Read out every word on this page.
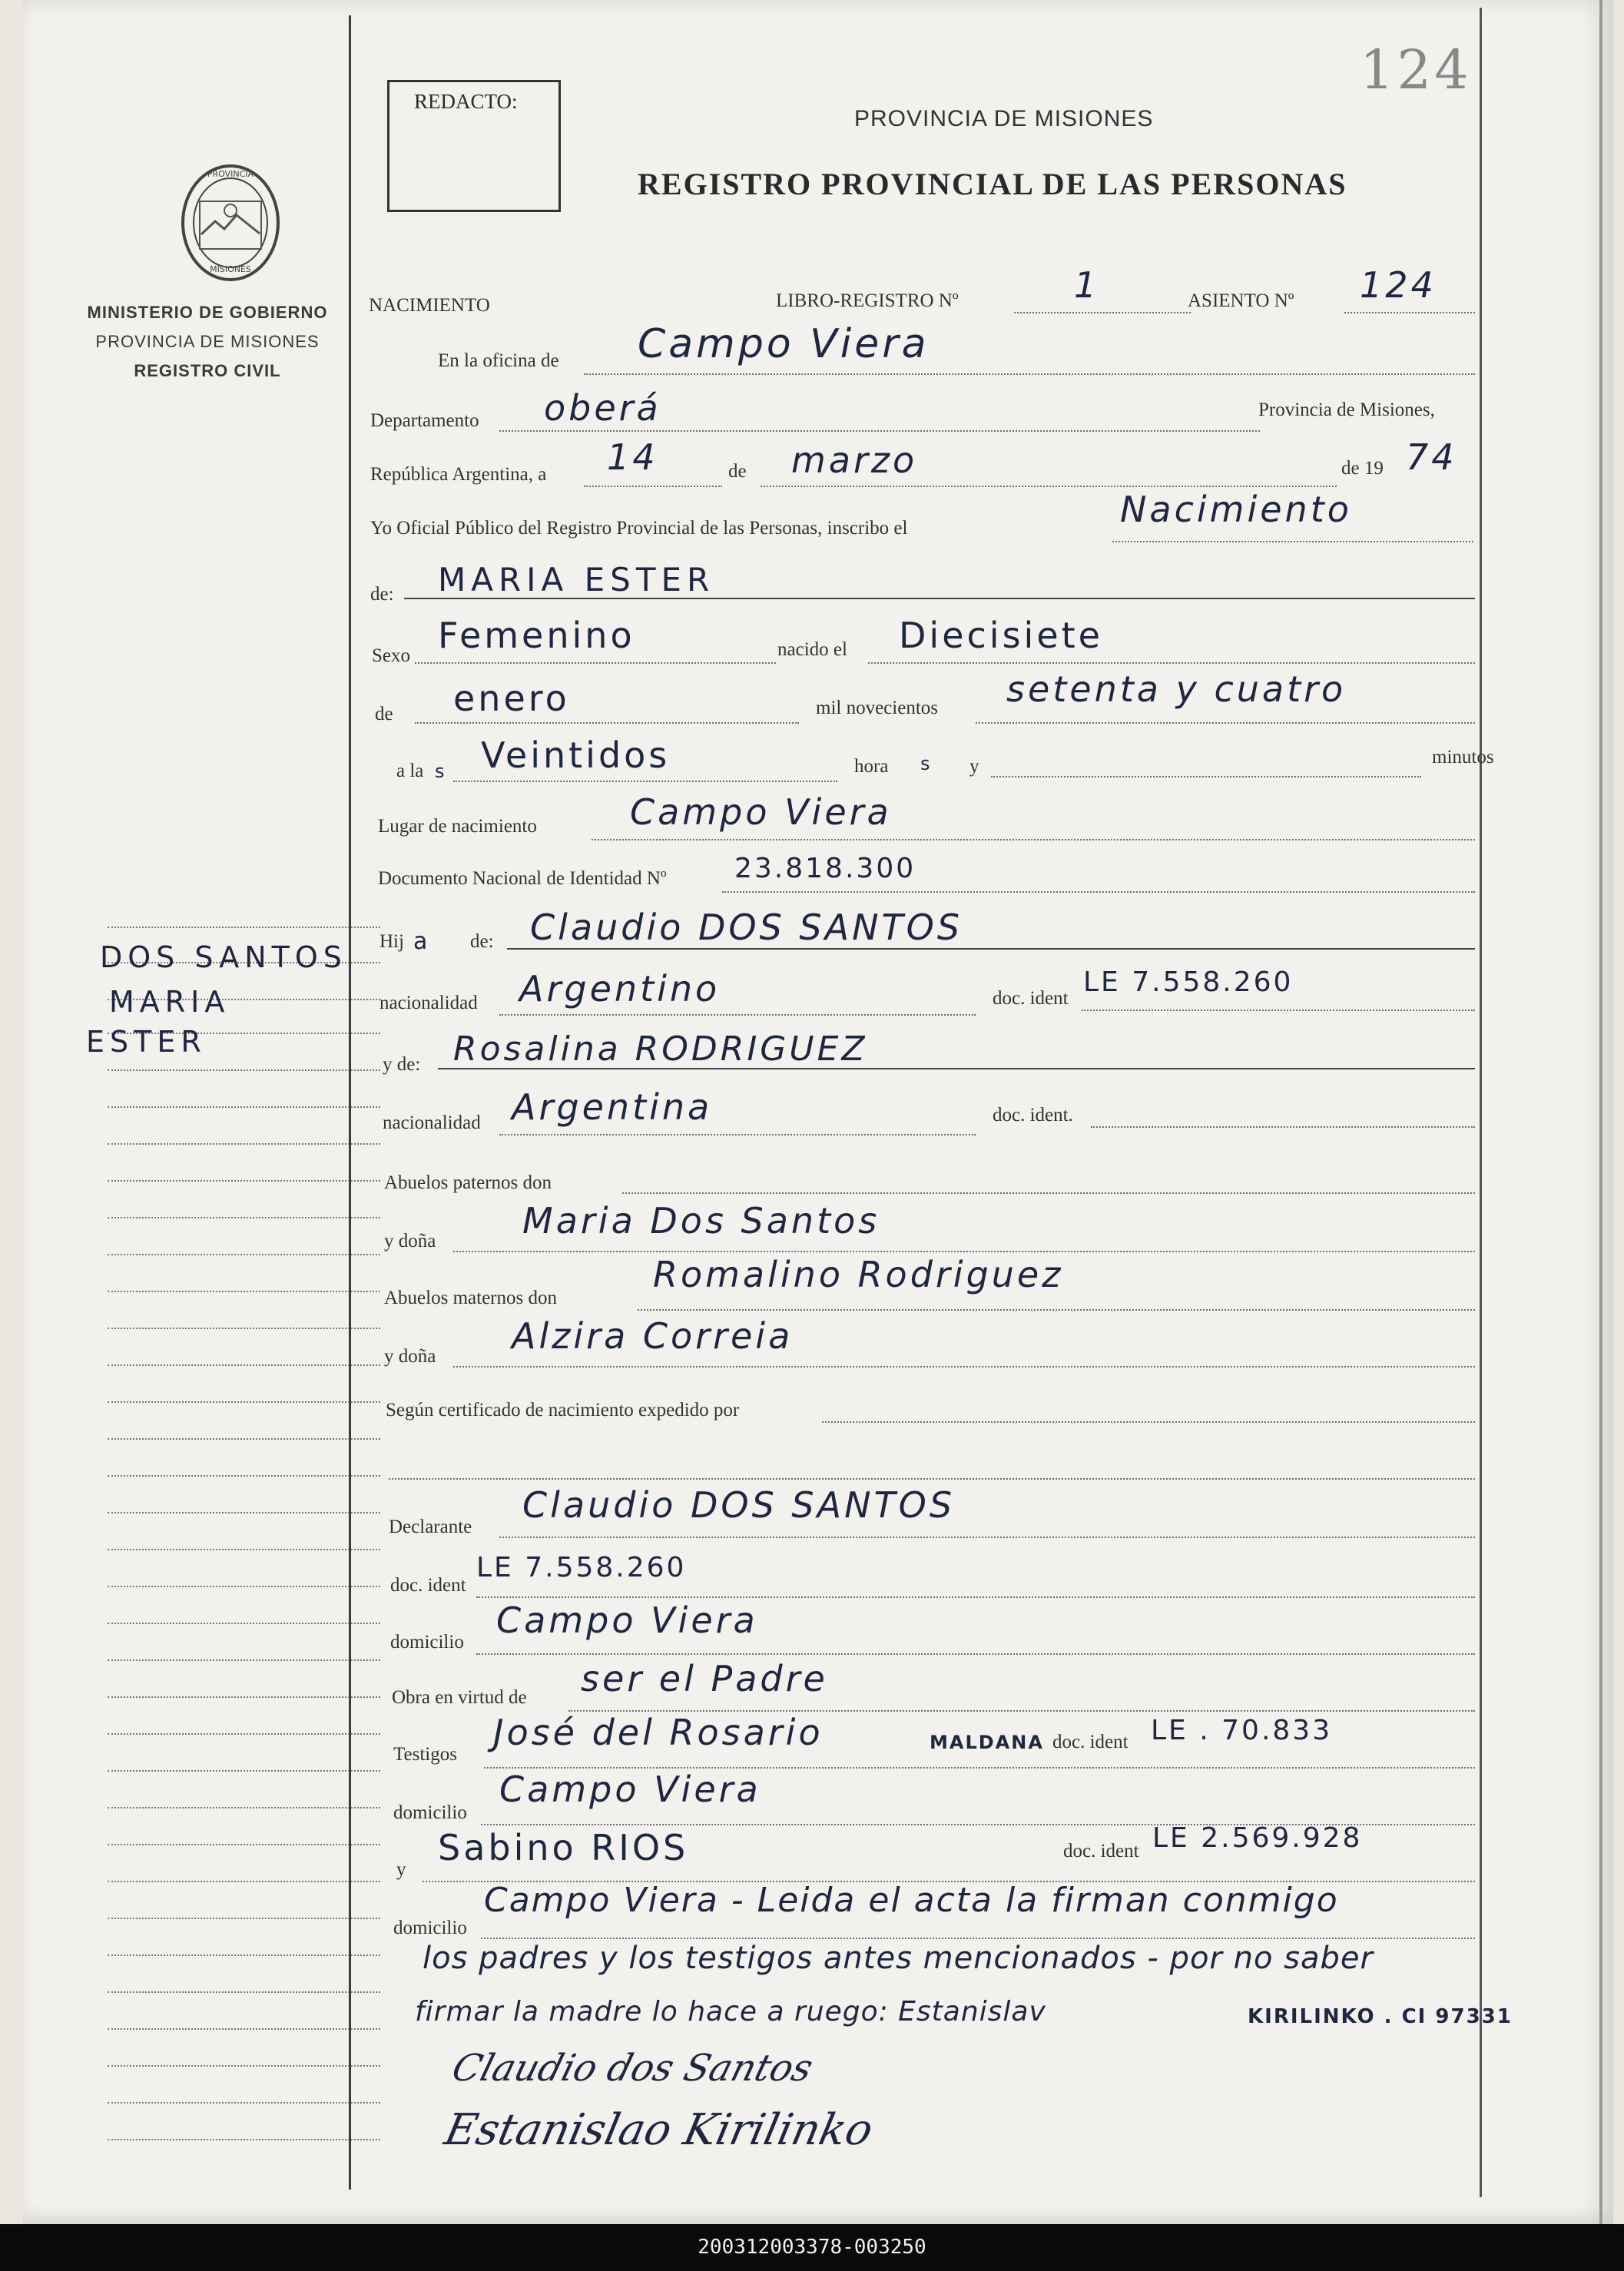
124
REDACTO:
PROVINCIA DE MISIONES
REGISTRO PROVINCIAL DE LAS PERSONAS
PROVINCIA
MISIONES
MINISTERIO DE GOBIERNO
PROVINCIA DE MISIONES
REGISTRO CIVIL
DOS SANTOS
MARIA
ESTER
NACIMIENTO	LIBRO-REGISTRO Nº	1	ASIENTO Nº 124
En la oficina de Campo Viera
Departamento oberá	Provincia de Misiones,
República Argentina, a 14	de marzo	de 19 74
Yo Oficial Público del Registro Provincial de las Personas, inscribo el	Nacimiento
de: MARIA ESTER
Sexo Femenino	nacido el Diecisiete
de enero	mil novecientos setenta y cuatro
a la s Veintidos	hora s y	minutos
Lugar de nacimiento	Campo Viera
Documento Nacional de Identidad Nº 23.818.300
Hij a de: Claudio DOS SANTOS
nacionalidad Argentino	doc. ident
LE 7.558.260
y de: Rosalina RODRIGUEZ
nacionalidad Argentina	doc. ident.
Abuelos paternos don
y doña Maria Dos Santos
Abuelos maternos don
Romalino Rodriguez
y doña Alzira Correia
Según certificado de nacimiento expedido por
Declarante
Claudio DOS SANTOS
doc. ident
LE 7.558.260
domicilio
Campo Viera
Obra en virtud de ser el Padre
Testigos
José del Rosario	MALDANA doc. ident LE . 70.833
domicilio
Campo Viera
y
Sabino RIOS	doc. ident LE 2.569.928
domicilio
Campo Viera - Leida el acta la firman conmigo
los padres y los testigos antes mencionados - por no saber
firmar la madre lo hace a ruego: Estanislav	KIRILINKO . CI 97331
Claudio dos Santos
Estanislao Kirilinko
200312003378-003250
